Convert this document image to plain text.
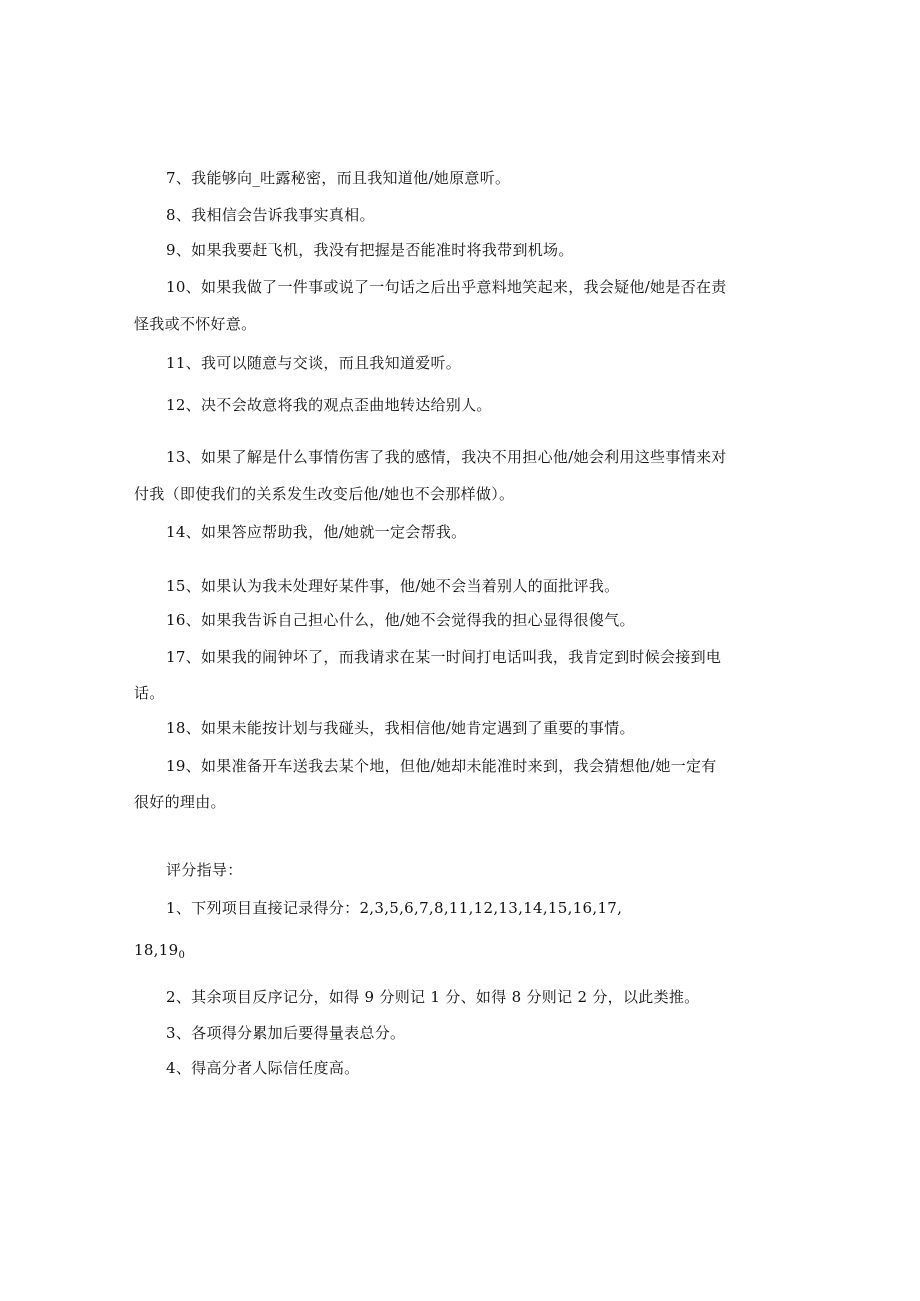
7、我能够向_吐露秘密，而且我知道他/她原意听。
8、我相信会告诉我事实真相。
9、如果我要赶飞机，我没有把握是否能准时将我带到机场。
10、如果我做了一件事或说了一句话之后出乎意料地笑起来，我会疑他/她是否在责
怪我或不怀好意。
11、我可以随意与交谈，而且我知道爱听。
12、决不会故意将我的观点歪曲地转达给别人。
13、如果了解是什么事情伤害了我的感情，我决不用担心他/她会利用这些事情来对
付我（即使我们的关系发生改变后他/她也不会那样做）。
14、如果答应帮助我，他/她就一定会帮我。
15、如果认为我未处理好某件事，他/她不会当着别人的面批评我。
16、如果我告诉自己担心什么，他/她不会觉得我的担心显得很傻气。
17、如果我的闹钟坏了，而我请求在某一时间打电话叫我，我肯定到时候会接到电
话。
18、如果未能按计划与我碰头，我相信他/她肯定遇到了重要的事情。
19、如果准备开车送我去某个地，但他/她却未能准时来到，我会猜想他/她一定有
很好的理由。
评分指导：
1、下列项目直接记录得分：2,3,5,6,7,8,11,12,13,14,15,16,17,
$18,19_0$
2、其余项目反序记分，如得 9 分则记 1 分、如得 8 分则记 2 分，以此类推。
3、各项得分累加后要得量表总分。
4、得高分者人际信任度高。
